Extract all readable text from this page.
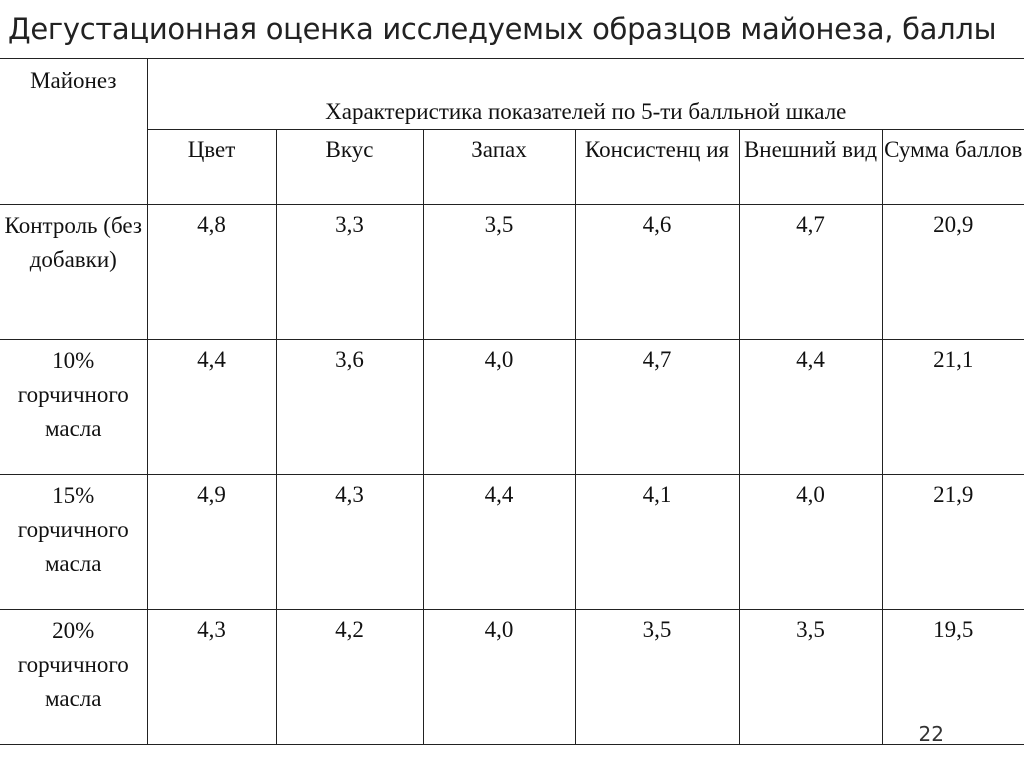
Дегустационная оценка исследуемых образцов майонеза, баллы
Майонез	Характеристика показателей по 5-ти балльной шкале					

	Цвет	Вкус	Запах	Консистенц ия	Внешний вид	Сумма баллов
Контроль (без добавки)	4,8	3,3	3,5	4,6	4,7	20,9
10% горчичного масла	4,4	3,6	4,0	4,7	4,4	21,1
15% горчичного масла	4,9	4,3	4,4	4,1	4,0	21,9
20% горчичного масла	4,3	4,2	4,0	3,5	3,5	19,5
22
